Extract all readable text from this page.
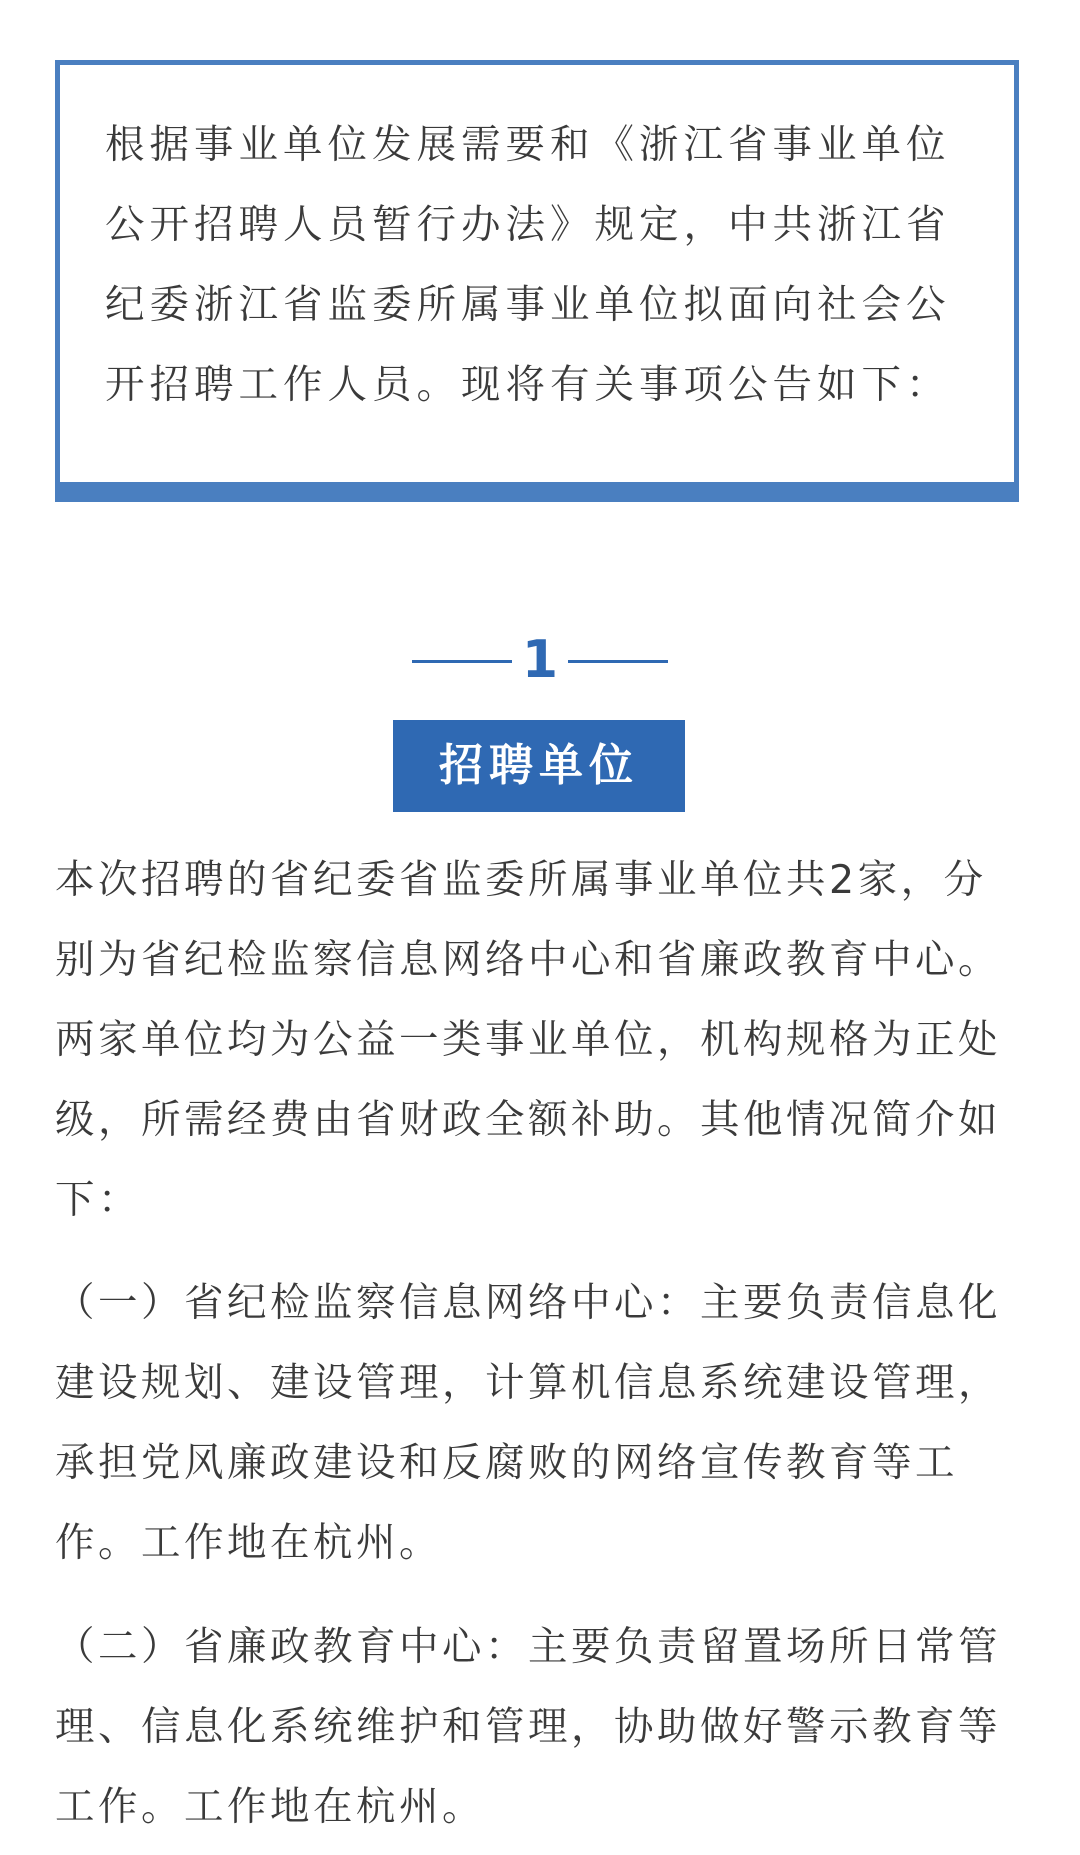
根据事业单位发展需要和《浙江省事业单位公开招聘人员暂行办法》规定，中共浙江省纪委浙江省监委所属事业单位拟面向社会公开招聘工作人员。现将有关事项公告如下：

1
招聘单位

本次招聘的省纪委省监委所属事业单位共2家，分别为省纪检监察信息网络中心和省廉政教育中心。两家单位均为公益一类事业单位，机构规格为正处级，所需经费由省财政全额补助。其他情况简介如下：

（一）省纪检监察信息网络中心：主要负责信息化建设规划、建设管理，计算机信息系统建设管理，承担党风廉政建设和反腐败的网络宣传教育等工作。工作地在杭州。

（二）省廉政教育中心：主要负责留置场所日常管理、信息化系统维护和管理，协助做好警示教育等工作。工作地在杭州。
